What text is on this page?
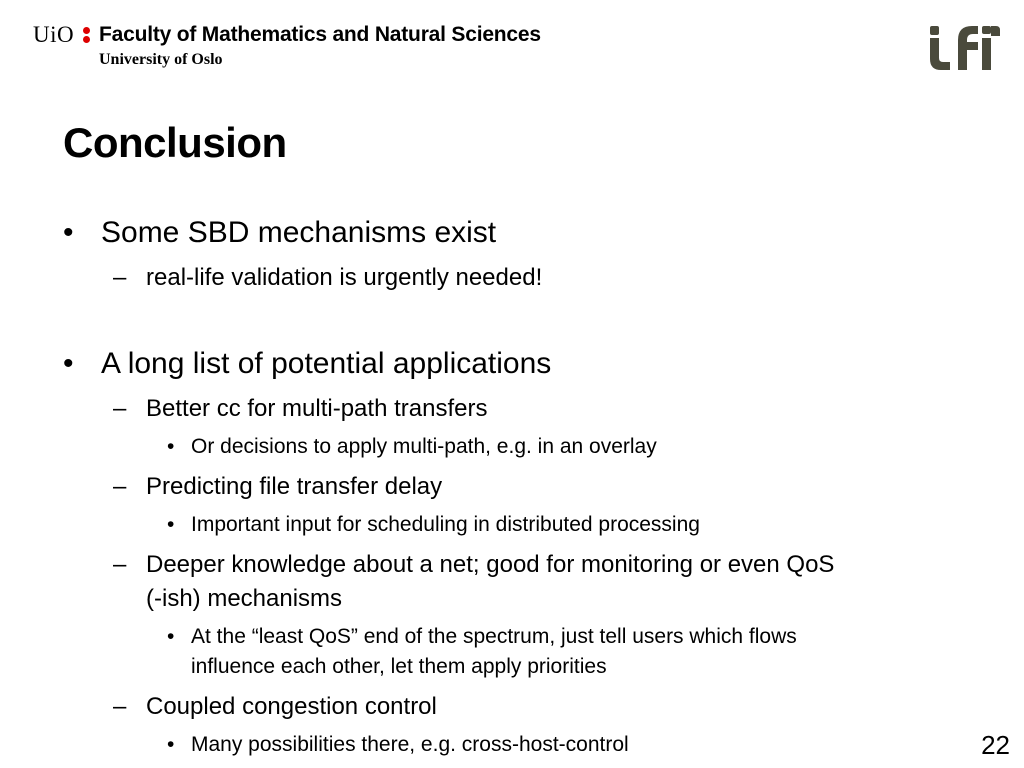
UiO Faculty of Mathematics and Natural Sciences
University of Oslo
Conclusion
• Some SBD mechanisms exist
– real-life validation is urgently needed!
• A long list of potential applications
– Better cc for multi-path transfers
• Or decisions to apply multi-path, e.g. in an overlay
– Predicting file transfer delay
• Important input for scheduling in distributed processing
– Deeper knowledge about a net; good for monitoring or even QoS
(-ish) mechanisms
• At the “least QoS” end of the spectrum, just tell users which flows
influence each other, let them apply priorities
– Coupled congestion control
• Many possibilities there, e.g. cross-host-control	22
